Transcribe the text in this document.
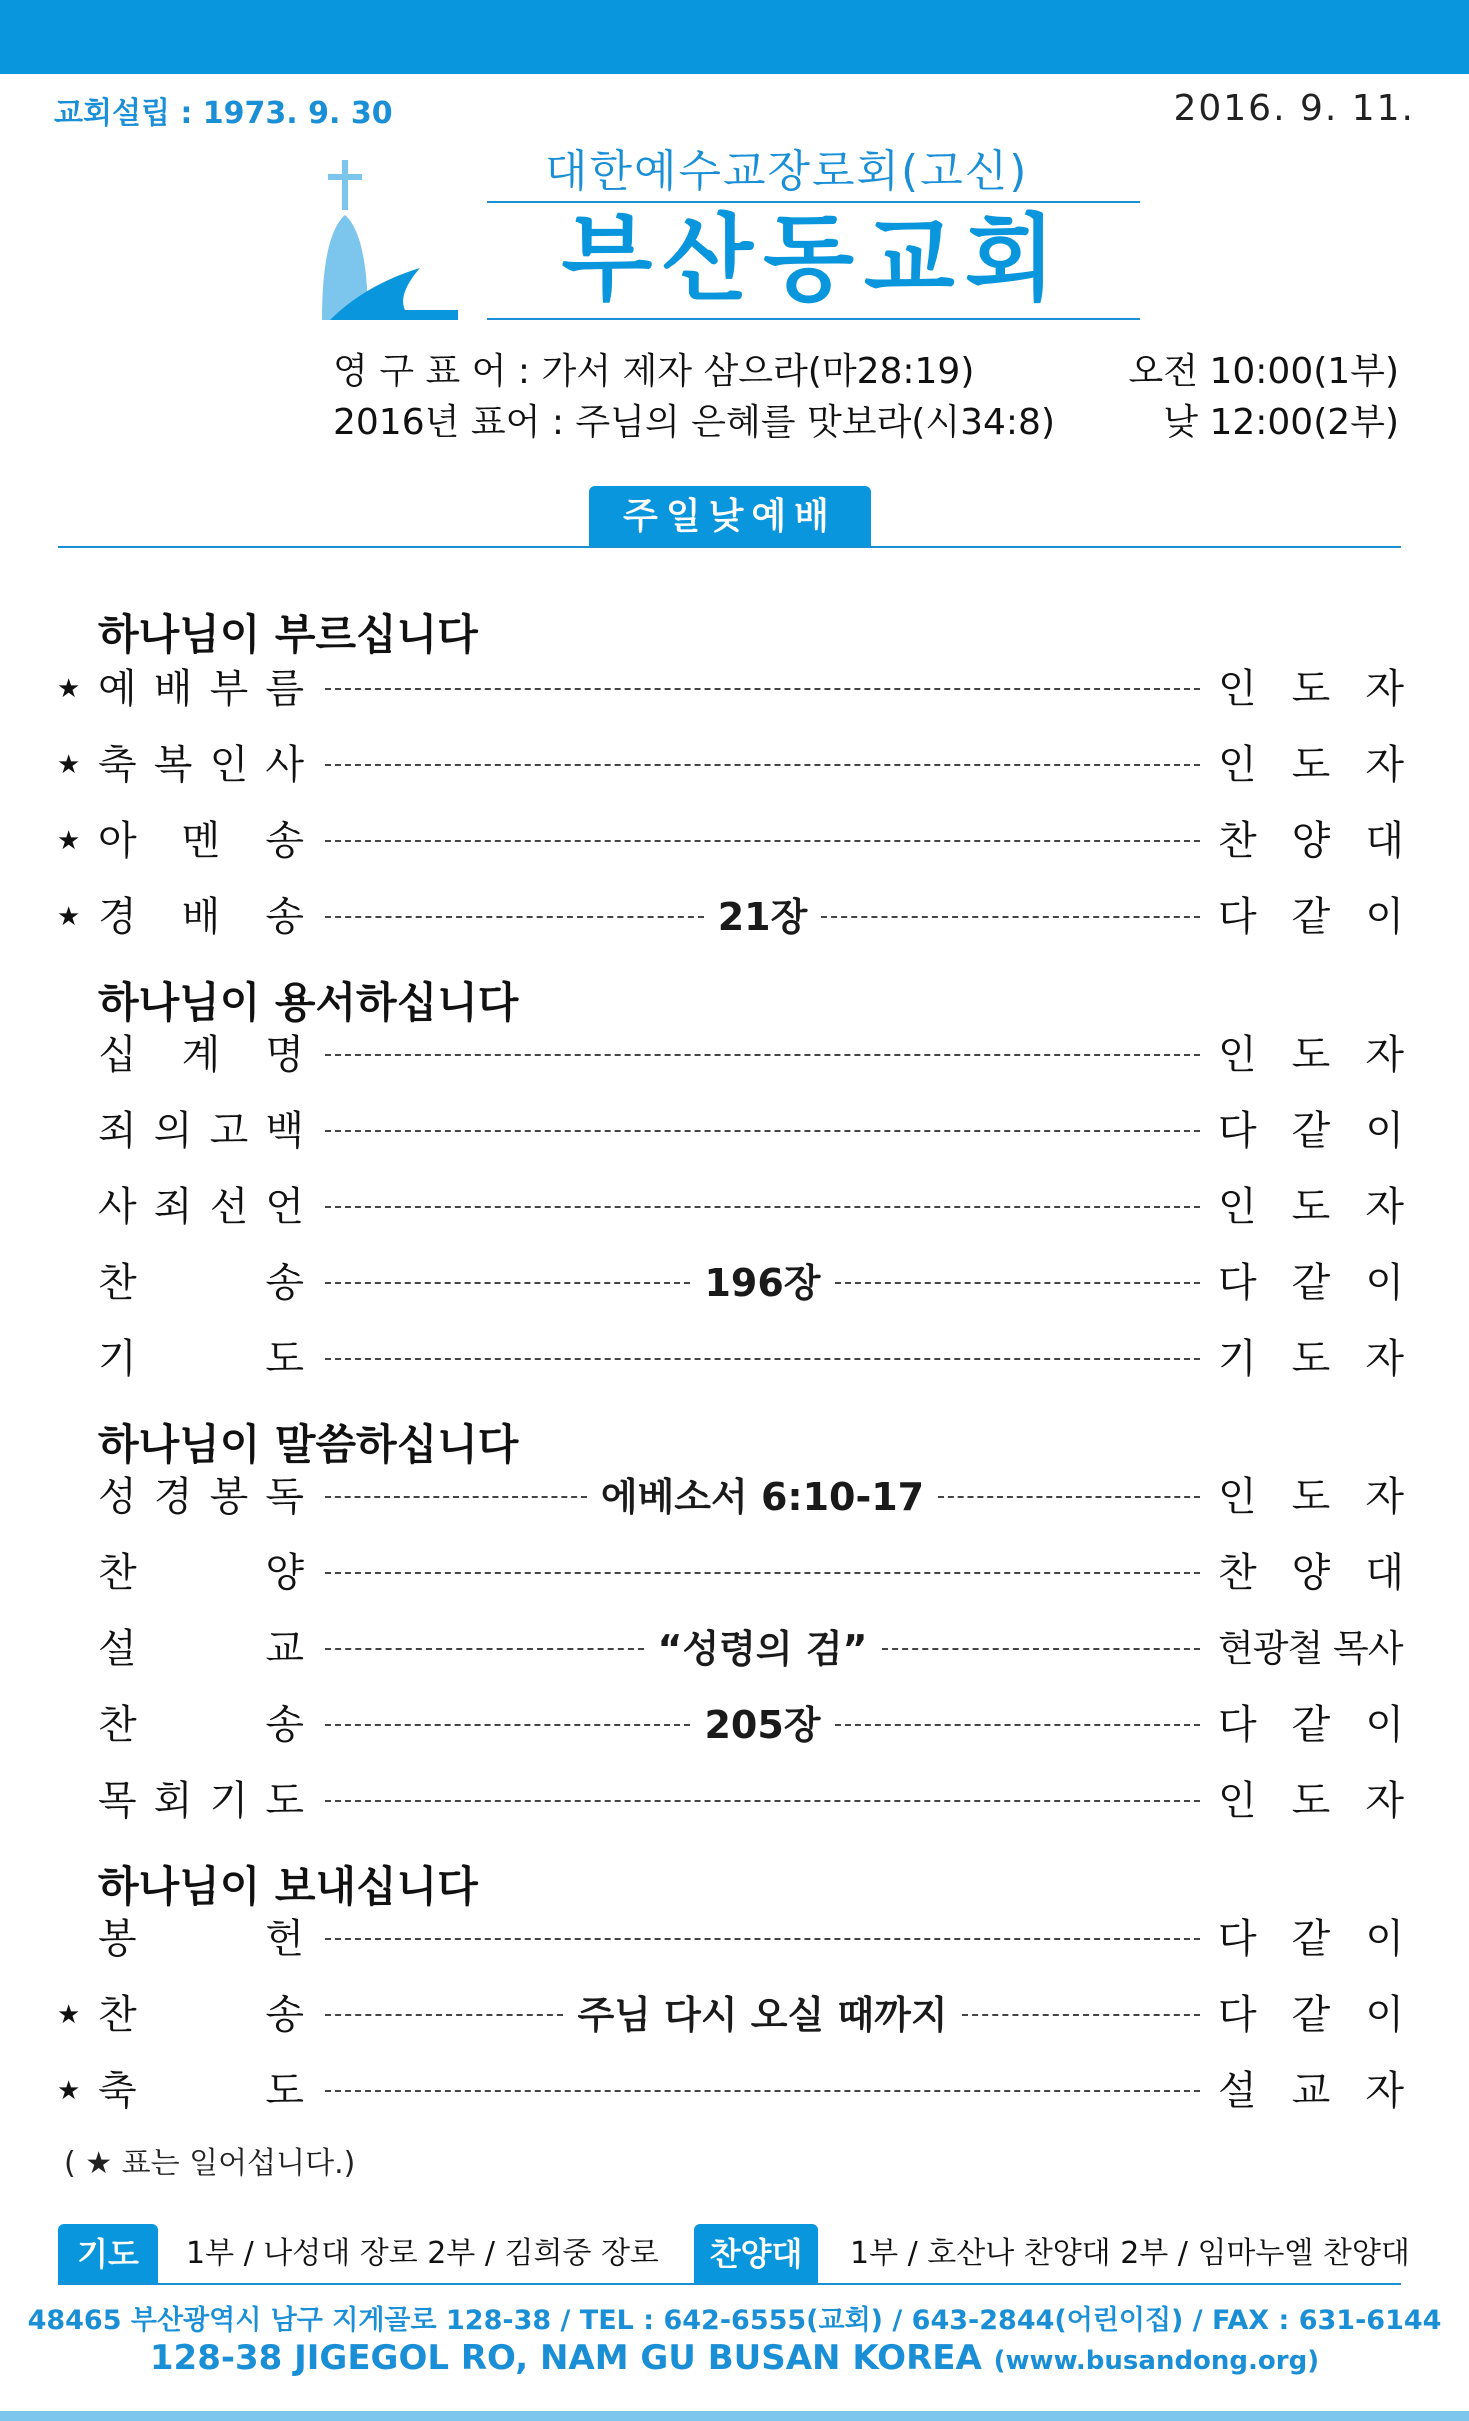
교회설립 : 1973. 9. 30	2016. 9. 11.
대한예수교장로회(고신)
부산동교회
영 구 표 어 : 가서 제자 삼으라(마28:19)
2016년 표어 : 주님의 은혜를 맛보라(시34:8)
오전 10:00(1부)
낮 12:00(2부)
주일낮예배
하나님이 부르십니다
하나님이 용서하십니다
하나님이 말씀하십니다
하나님이 보내십니다
★ 예 배 부 름	인 도 자
★ 축 복 인 사	인 도 자
★ 아 멘 송	찬 양 대
★ 경 배 송	21장	다 같 이
십 계 명	인 도 자
죄 의 고 백	다 같 이
사 죄 선 언	인 도 자
찬	송	196장	다 같 이
기	도	기 도 자
성 경 봉 독	에베소서 6:10-17	인 도 자
찬	양	찬 양 대
설	교	“성령의 검”	현광철 목사
찬	송	205장	다 같 이
목 회 기 도	인 도 자
봉	헌	다 같 이
★ 찬	송	주님 다시 오실 때까지	다 같 이
★ 축	도	설 교 자
( ★ 표는 일어섭니다.)
기도	1부 / 나성대 장로 2부 / 김희중 장로	찬양대	1부 / 호산나 찬양대 2부 / 임마누엘 찬양대
48465 부산광역시 남구 지게골로 128-38 / TEL : 642-6555(교회) / 643-2844(어린이집) / FAX : 631-6144
128-38 JIGEGOL RO, NAM GU BUSAN KOREA (www.busandong.org)
